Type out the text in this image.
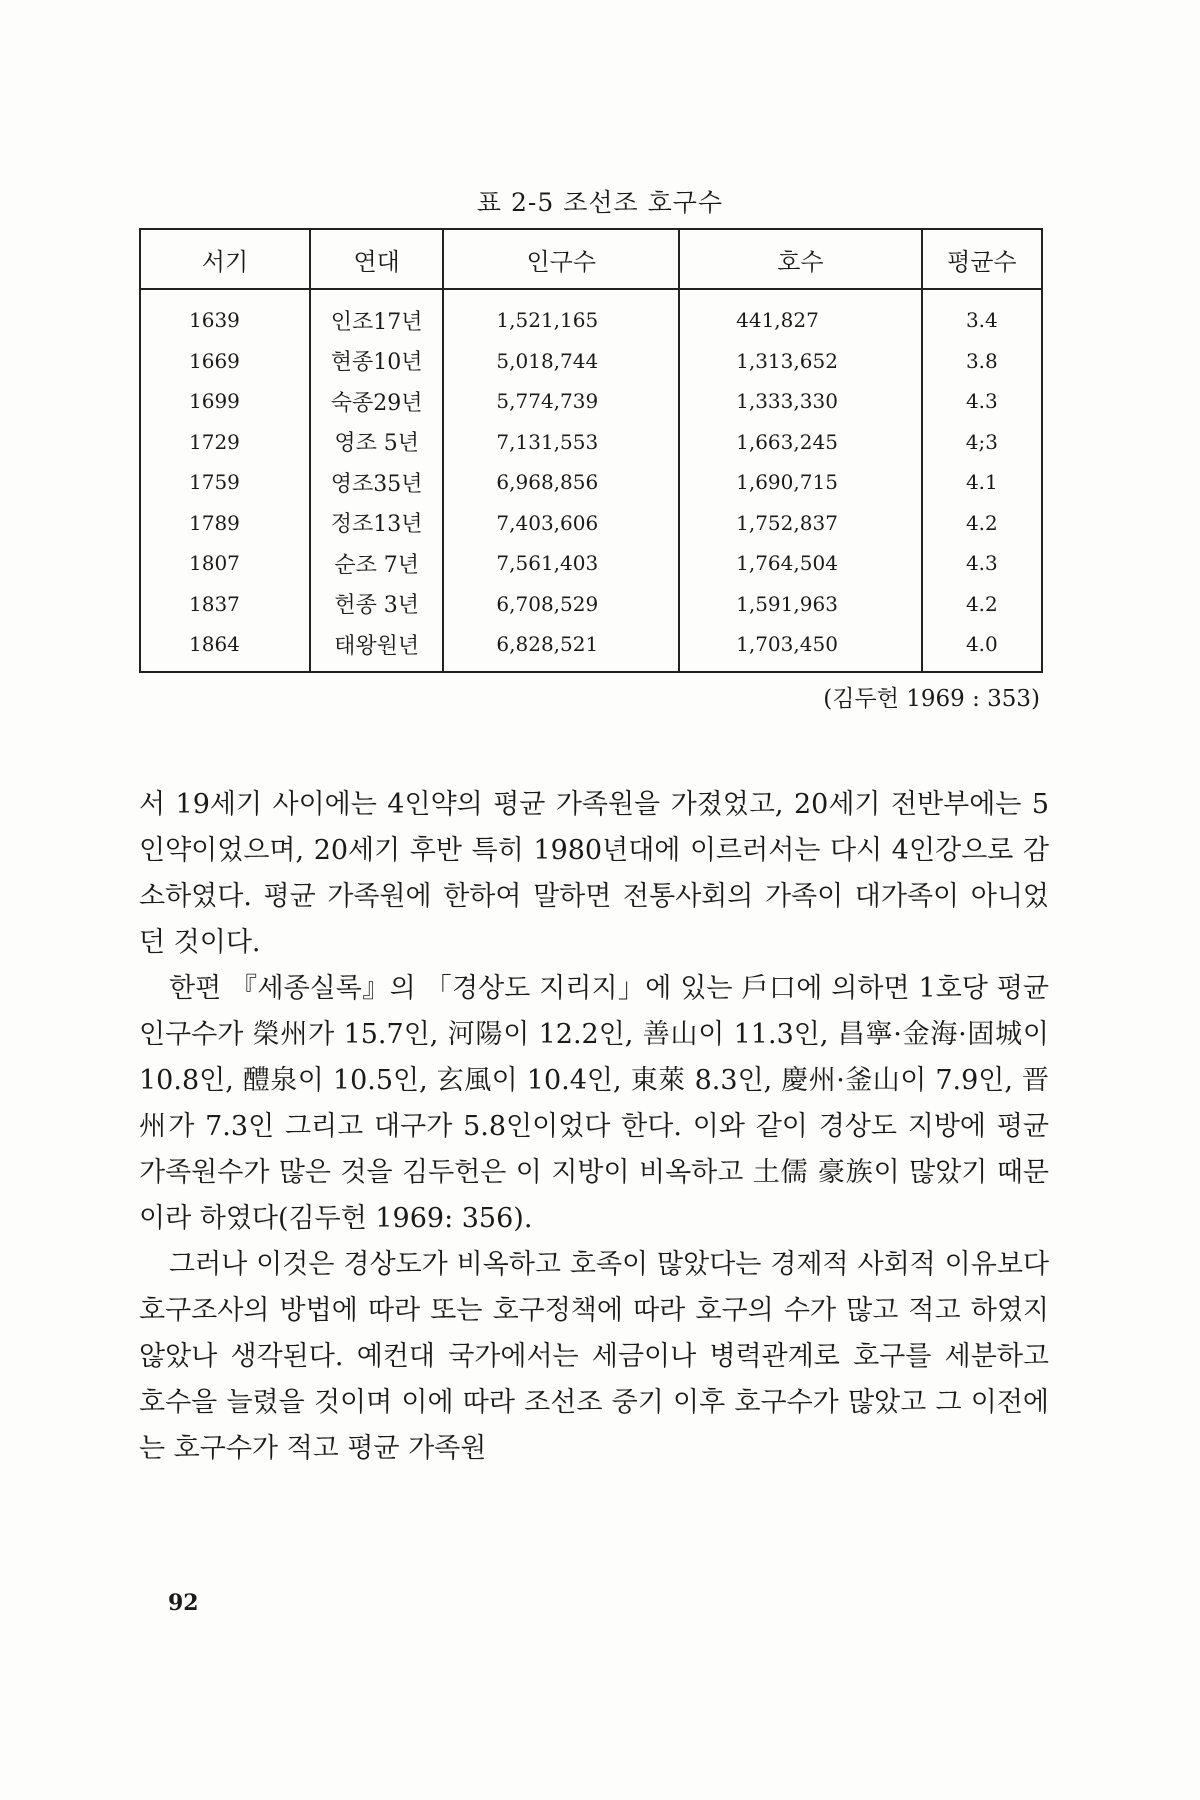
표 2-5 조선조 호구수
서기	연대	인구수	호수	평균수
1639	인조17년	1,521,165	441,827	3.4
1669	현종10년	5,018,744	1,313,652	3.8
1699	숙종29년	5,774,739	1,333,330	4.3
1729	영조 5년	7,131,553	1,663,245	4;3
1759	영조35년	6,968,856	1,690,715	4.1
1789	정조13년	7,403,606	1,752,837	4.2
1807	순조 7년	7,561,403	1,764,504	4.3
1837	헌종 3년	6,708,529	1,591,963	4.2
1864	태왕원년	6,828,521	1,703,450	4.0
(김두헌 1969 : 353)

서 19세기 사이에는 4인약의 평균 가족원을 가졌었고, 20세기 전반부에는 5인약이었으며, 20세기 후반 특히 1980년대에 이르러서는 다시 4인강으로 감소하였다. 평균 가족원에 한하여 말하면 전통사회의 가족이 대가족이 아니었던 것이다.

한편 『세종실록』의 「경상도 지리지」에 있는 戶口에 의하면 1호당 평균 인구수가 榮州가 15.7인, 河陽이 12.2인, 善山이 11.3인, 昌寧·金海·固城이 10.8인, 醴泉이 10.5인, 玄風이 10.4인, 東萊 8.3인, 慶州·釜山이 7.9인, 晋州가 7.3인 그리고 대구가 5.8인이었다 한다. 이와 같이 경상도 지방에 평균 가족원수가 많은 것을 김두헌은 이 지방이 비옥하고 土儒 豪族이 많았기 때문이라 하였다(김두헌 1969: 356).

그러나 이것은 경상도가 비옥하고 호족이 많았다는 경제적 사회적 이유보다 호구조사의 방법에 따라 또는 호구정책에 따라 호구의 수가 많고 적고 하였지 않았나 생각된다. 예컨대 국가에서는 세금이나 병력관계로 호구를 세분하고 호수을 늘렸을 것이며 이에 따라 조선조 중기 이후 호구수가 많았고 그 이전에는 호구수가 적고 평균 가족원

92
